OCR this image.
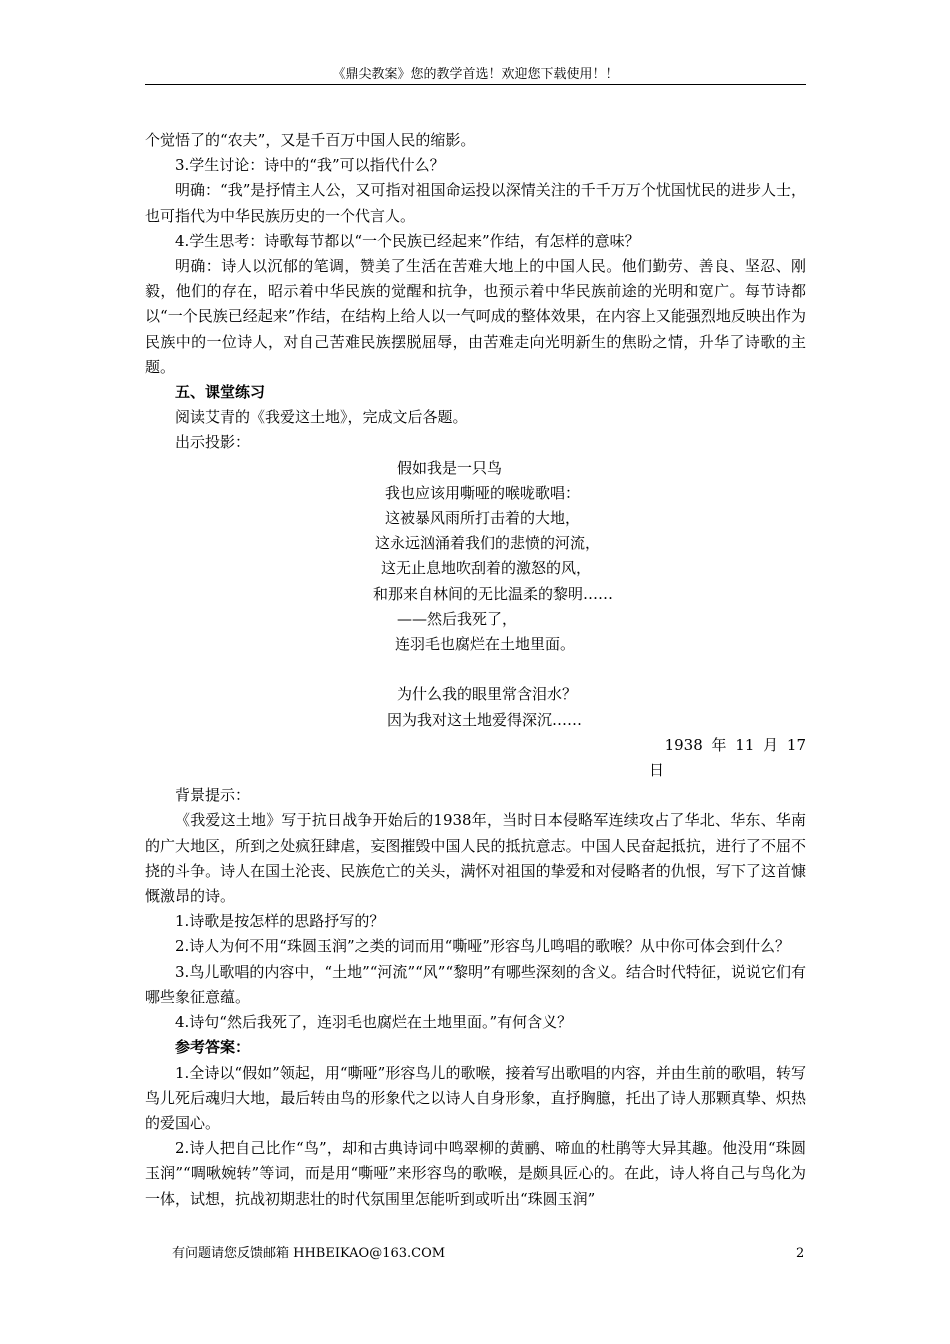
《鼎尖教案》您的教学首选！欢迎您下载使用！！

个觉悟了的“农夫”，又是千百万中国人民的缩影。

3.学生讨论：诗中的“我”可以指代什么？

明确：“我”是抒情主人公，又可指对祖国命运投以深情关注的千千万万个忧国忧民的进步人士，也可指代为中华民族历史的一个代言人。

4.学生思考：诗歌每节都以“一个民族已经起来”作结，有怎样的意味？

明确：诗人以沉郁的笔调，赞美了生活在苦难大地上的中国人民。他们勤劳、善良、坚忍、刚毅，他们的存在，昭示着中华民族的觉醒和抗争，也预示着中华民族前途的光明和宽广。每节诗都以“一个民族已经起来”作结，在结构上给人以一气呵成的整体效果，在内容上又能强烈地反映出作为民族中的一位诗人，对自己苦难民族摆脱屈辱，由苦难走向光明新生的焦盼之情，升华了诗歌的主题。

五、课堂练习

阅读艾青的《我爱这土地》，完成文后各题。

出示投影：

假如我是一只鸟
我也应该用嘶哑的喉咙歌唱：
这被暴风雨所打击着的大地，
这永远汹涌着我们的悲愤的河流，
这无止息地吹刮着的激怒的风，
和那来自林间的无比温柔的黎明……
——然后我死了，
连羽毛也腐烂在土地里面。
为什么我的眼里常含泪水？
因为我对这土地爱得深沉……

1938 年 11 月 17

日

背景提示：

《我爱这土地》写于抗日战争开始后的1938年，当时日本侵略军连续攻占了华北、华东、华南的广大地区，所到之处疯狂肆虐，妄图摧毁中国人民的抵抗意志。中国人民奋起抵抗，进行了不屈不挠的斗争。诗人在国土沦丧、民族危亡的关头，满怀对祖国的挚爱和对侵略者的仇恨，写下了这首慷慨激昂的诗。

1.诗歌是按怎样的思路抒写的？

2.诗人为何不用“珠圆玉润”之类的词而用“嘶哑”形容鸟儿鸣唱的歌喉？从中你可体会到什么？

3.鸟儿歌唱的内容中，“土地”“河流”“风”“黎明”有哪些深刻的含义。结合时代特征，说说它们有哪些象征意蕴。

4.诗句“然后我死了，连羽毛也腐烂在土地里面。”有何含义？

参考答案：

1.全诗以“假如”领起，用“嘶哑”形容鸟儿的歌喉，接着写出歌唱的内容，并由生前的歌唱，转写鸟儿死后魂归大地，最后转由鸟的形象代之以诗人自身形象，直抒胸臆，托出了诗人那颗真挚、炽热的爱国心。

2.诗人把自己比作“鸟”，却和古典诗词中鸣翠柳的黄鹂、啼血的杜鹃等大异其趣。他没用“珠圆玉润”“啁啾婉转”等词，而是用“嘶哑”来形容鸟的歌喉，是颇具匠心的。在此，诗人将自己与鸟化为一体，试想，抗战初期悲壮的时代氛围里怎能听到或听出“珠圆玉润”

有问题请您反馈邮箱 HHBEIKAO@163.COM	2
